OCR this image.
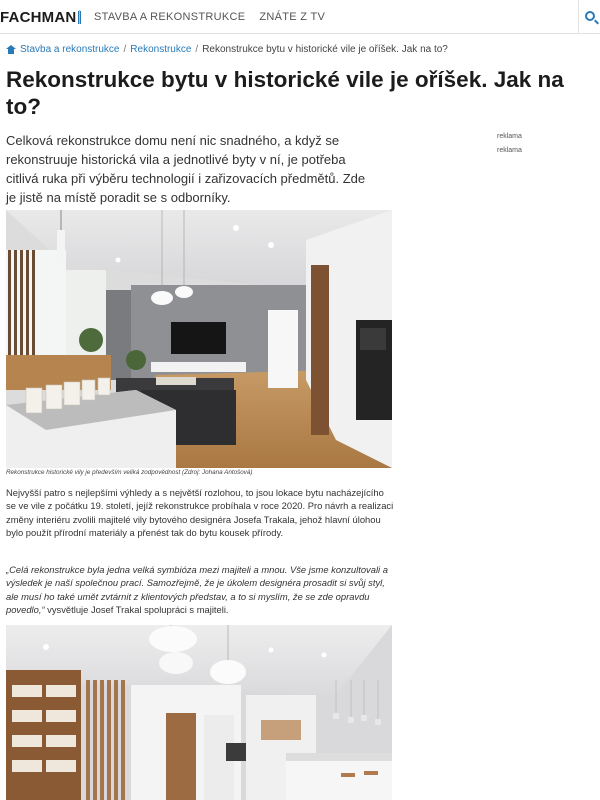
FACHMAN STAVBA A REKONSTRUKCE ZNÁTE Z TV
Stavba a rekonstrukce / Rekonstrukce / Rekonstrukce bytu v historické vile je oříšek. Jak na to?
Rekonstrukce bytu v historické vile je oříšek. Jak na to?

Celková rekonstrukce domu není nic snadného, a když se rekonstruuje historická vila a jednotlivé byty v ní, je potřeba citlivá ruka při výběru technologií i zařizovacích předmětů. Zde je jistě na místě poradit se s odborníky.

reklama
reklama
Rekonstrukce historické vily je především veliká zodpovědnost (Zdroj: Johana Antošová)

Nejvyšší patro s nejlepšími výhledy a s největší rozlohou, to jsou lokace bytu nacházejícího se ve vile z počátku 19. století, jejíž rekonstrukce probíhala v roce 2020. Pro návrh a realizaci změny interiéru zvolili majitelé vily bytového designéra Josefa Trakala, jehož hlavní úlohou bylo použít přírodní materiály a přenést tak do bytu kousek přírody.

„Celá rekonstrukce byla jedna velká symbióza mezi majiteli a mnou. Vše jsme konzultovali a výsledek je naší společnou prací. Samozřejmě, že je úkolem designéra prosadit si svůj styl, ale musí ho také umět zvtárnit z klientových představ, a to si myslím, že se zde opravdu povedlo,“ vysvětluje Josef Trakal spolupráci s majiteli.
